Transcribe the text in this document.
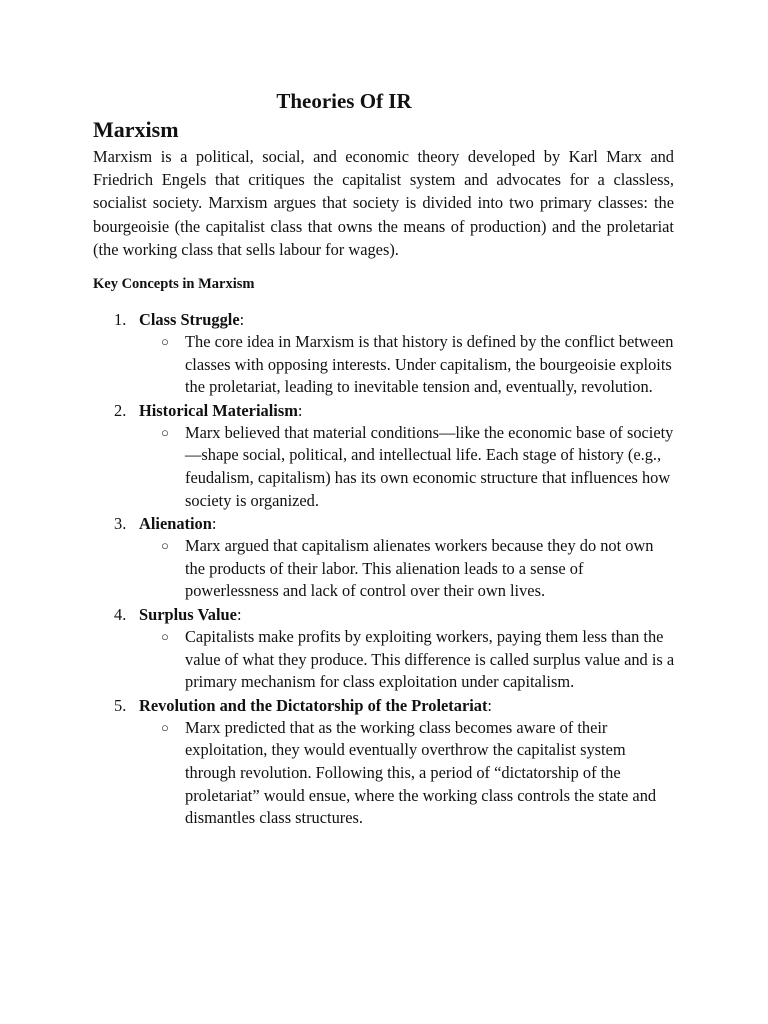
Theories Of IR
Marxism

Marxism is a political, social, and economic theory developed by Karl Marx and Friedrich Engels that critiques the capitalist system and advocates for a classless, socialist society. Marxism argues that society is divided into two primary classes: the bourgeoisie (the capitalist class that owns the means of production) and the proletariat (the working class that sells labour for wages).

Key Concepts in Marxism
1. Class Struggle:
○ The core idea in Marxism is that history is defined by the conflict between classes with opposing interests. Under capitalism, the bourgeoisie exploits the proletariat, leading to inevitable tension and, eventually, revolution.

2. Historical Materialism:
○ Marx believed that material conditions—like the economic base of society—shape social, political, and intellectual life. Each stage of history (e.g., feudalism, capitalism) has its own economic structure that influences how society is organized.

3. Alienation:
○ Marx argued that capitalism alienates workers because they do not own the products of their labor. This alienation leads to a sense of powerlessness and lack of control over their own lives.

4. Surplus Value:
○ Capitalists make profits by exploiting workers, paying them less than the value of what they produce. This difference is called surplus value and is a primary mechanism for class exploitation under capitalism.

5. Revolution and the Dictatorship of the Proletariat:
○ Marx predicted that as the working class becomes aware of their exploitation, they would eventually overthrow the capitalist system through revolution. Following this, a period of “dictatorship of the proletariat” would ensue, where the working class controls the state and dismantles class structures.
